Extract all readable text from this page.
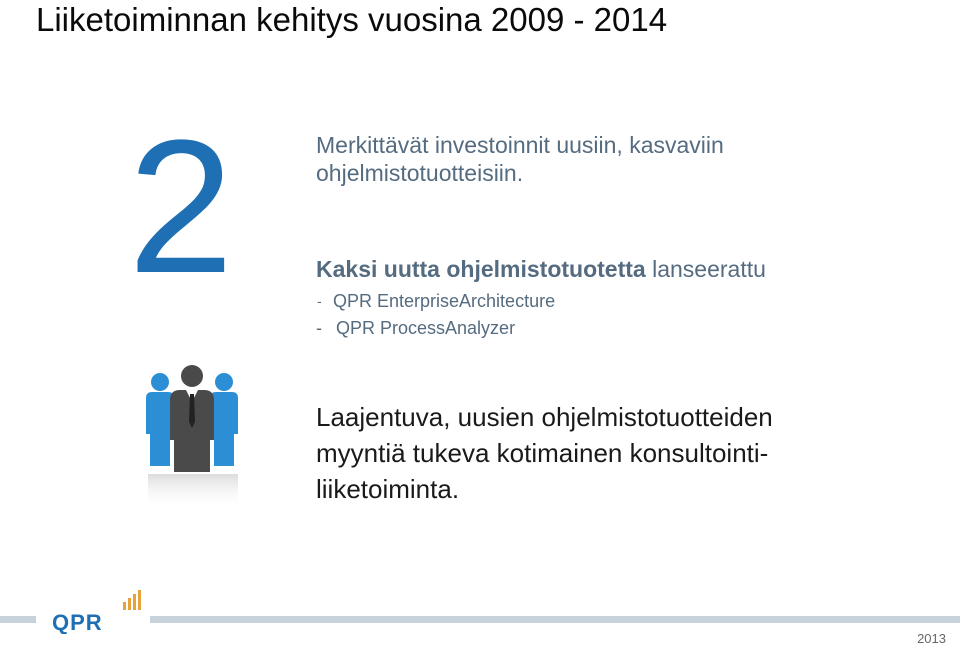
Liiketoiminnan kehitys vuosina 2009 - 2014
2	Merkittävät investoinnit uusiin, kasvaviin
ohjelmistotuotteisiin.
Kaksi uutta ohjelmistotuotetta lanseerattu
- QPR EnterpriseArchitecture
- QPR ProcessAnalyzer
Laajentuva, uusien ohjelmistotuotteiden
myyntiä tukeva kotimainen konsultointi-
liiketoiminta.
QPR
2013
